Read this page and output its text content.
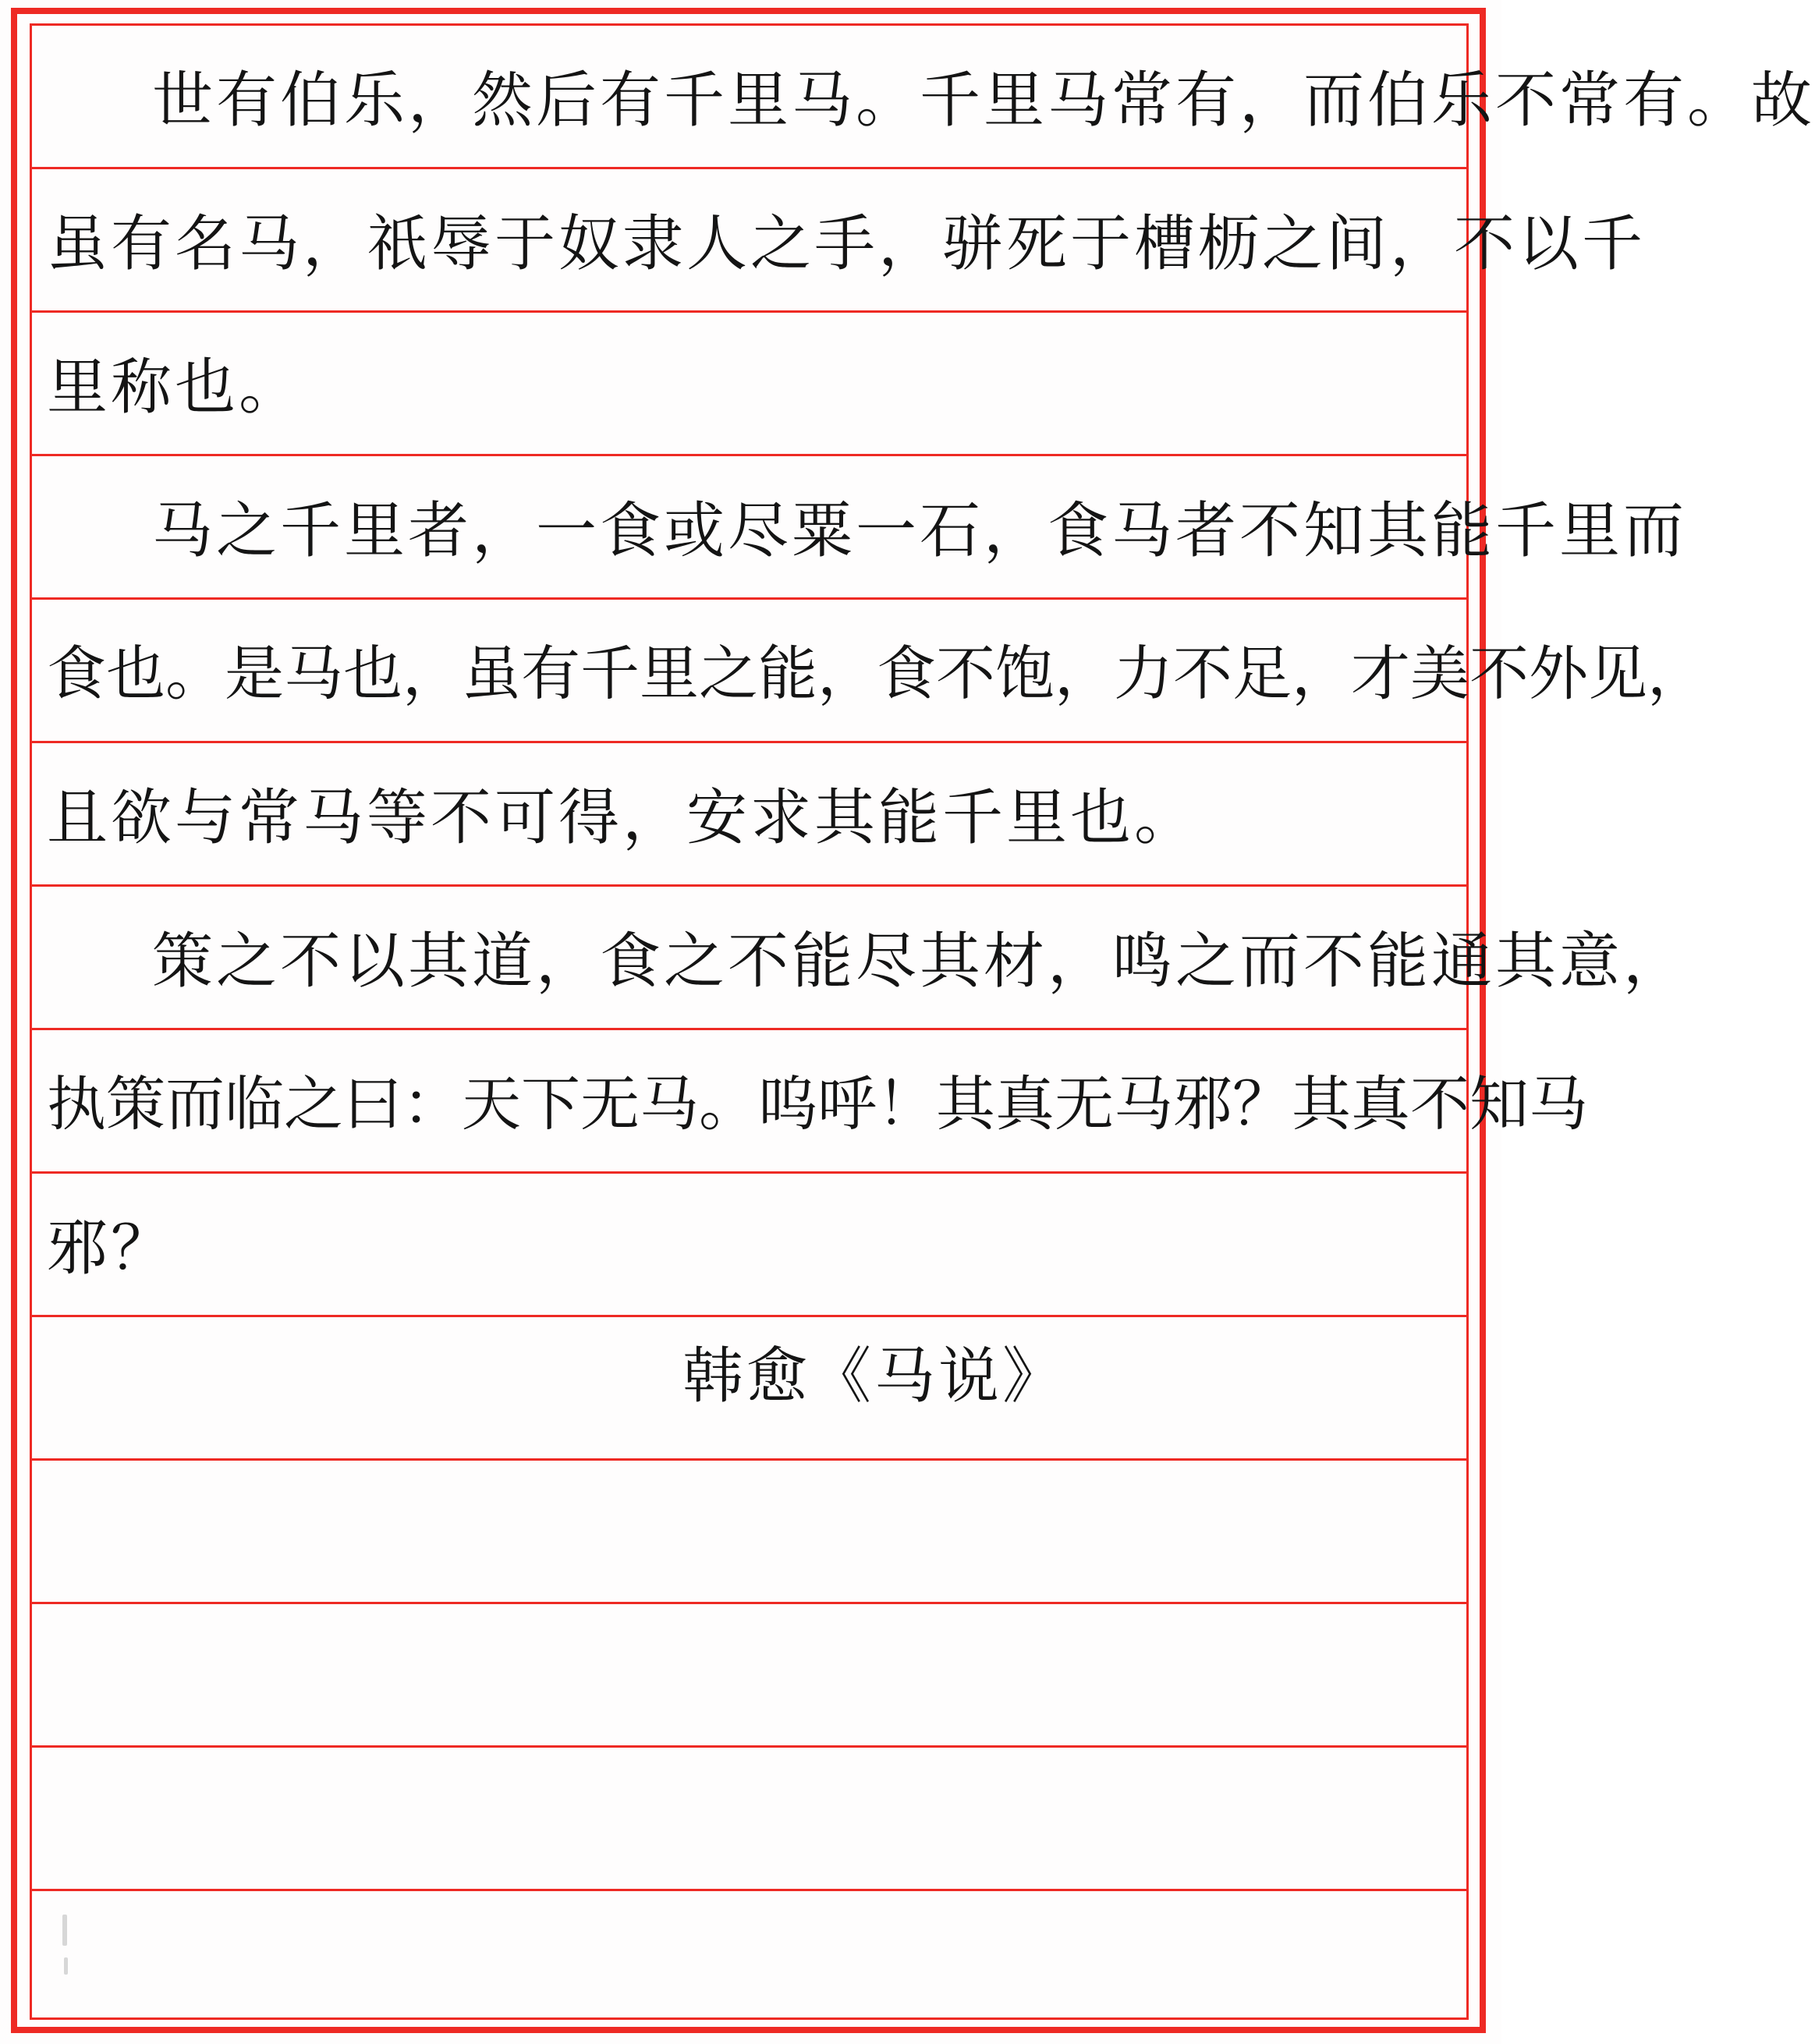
世有伯乐，然后有千里马。千里马常有，而伯乐不常有。故
虽有名马，祇辱于奴隶人之手，骈死于槽枥之间，不以千
里称也。
马之千里者，一食或尽粟一石，食马者不知其能千里而
食也。是马也，虽有千里之能，食不饱，力不足，才美不外见，
且欲与常马等不可得，安求其能千里也。
策之不以其道，食之不能尽其材，鸣之而不能通其意，
执策而临之曰：天下无马。呜呼！其真无马邪？其真不知马
邪？
韩愈《马说》
